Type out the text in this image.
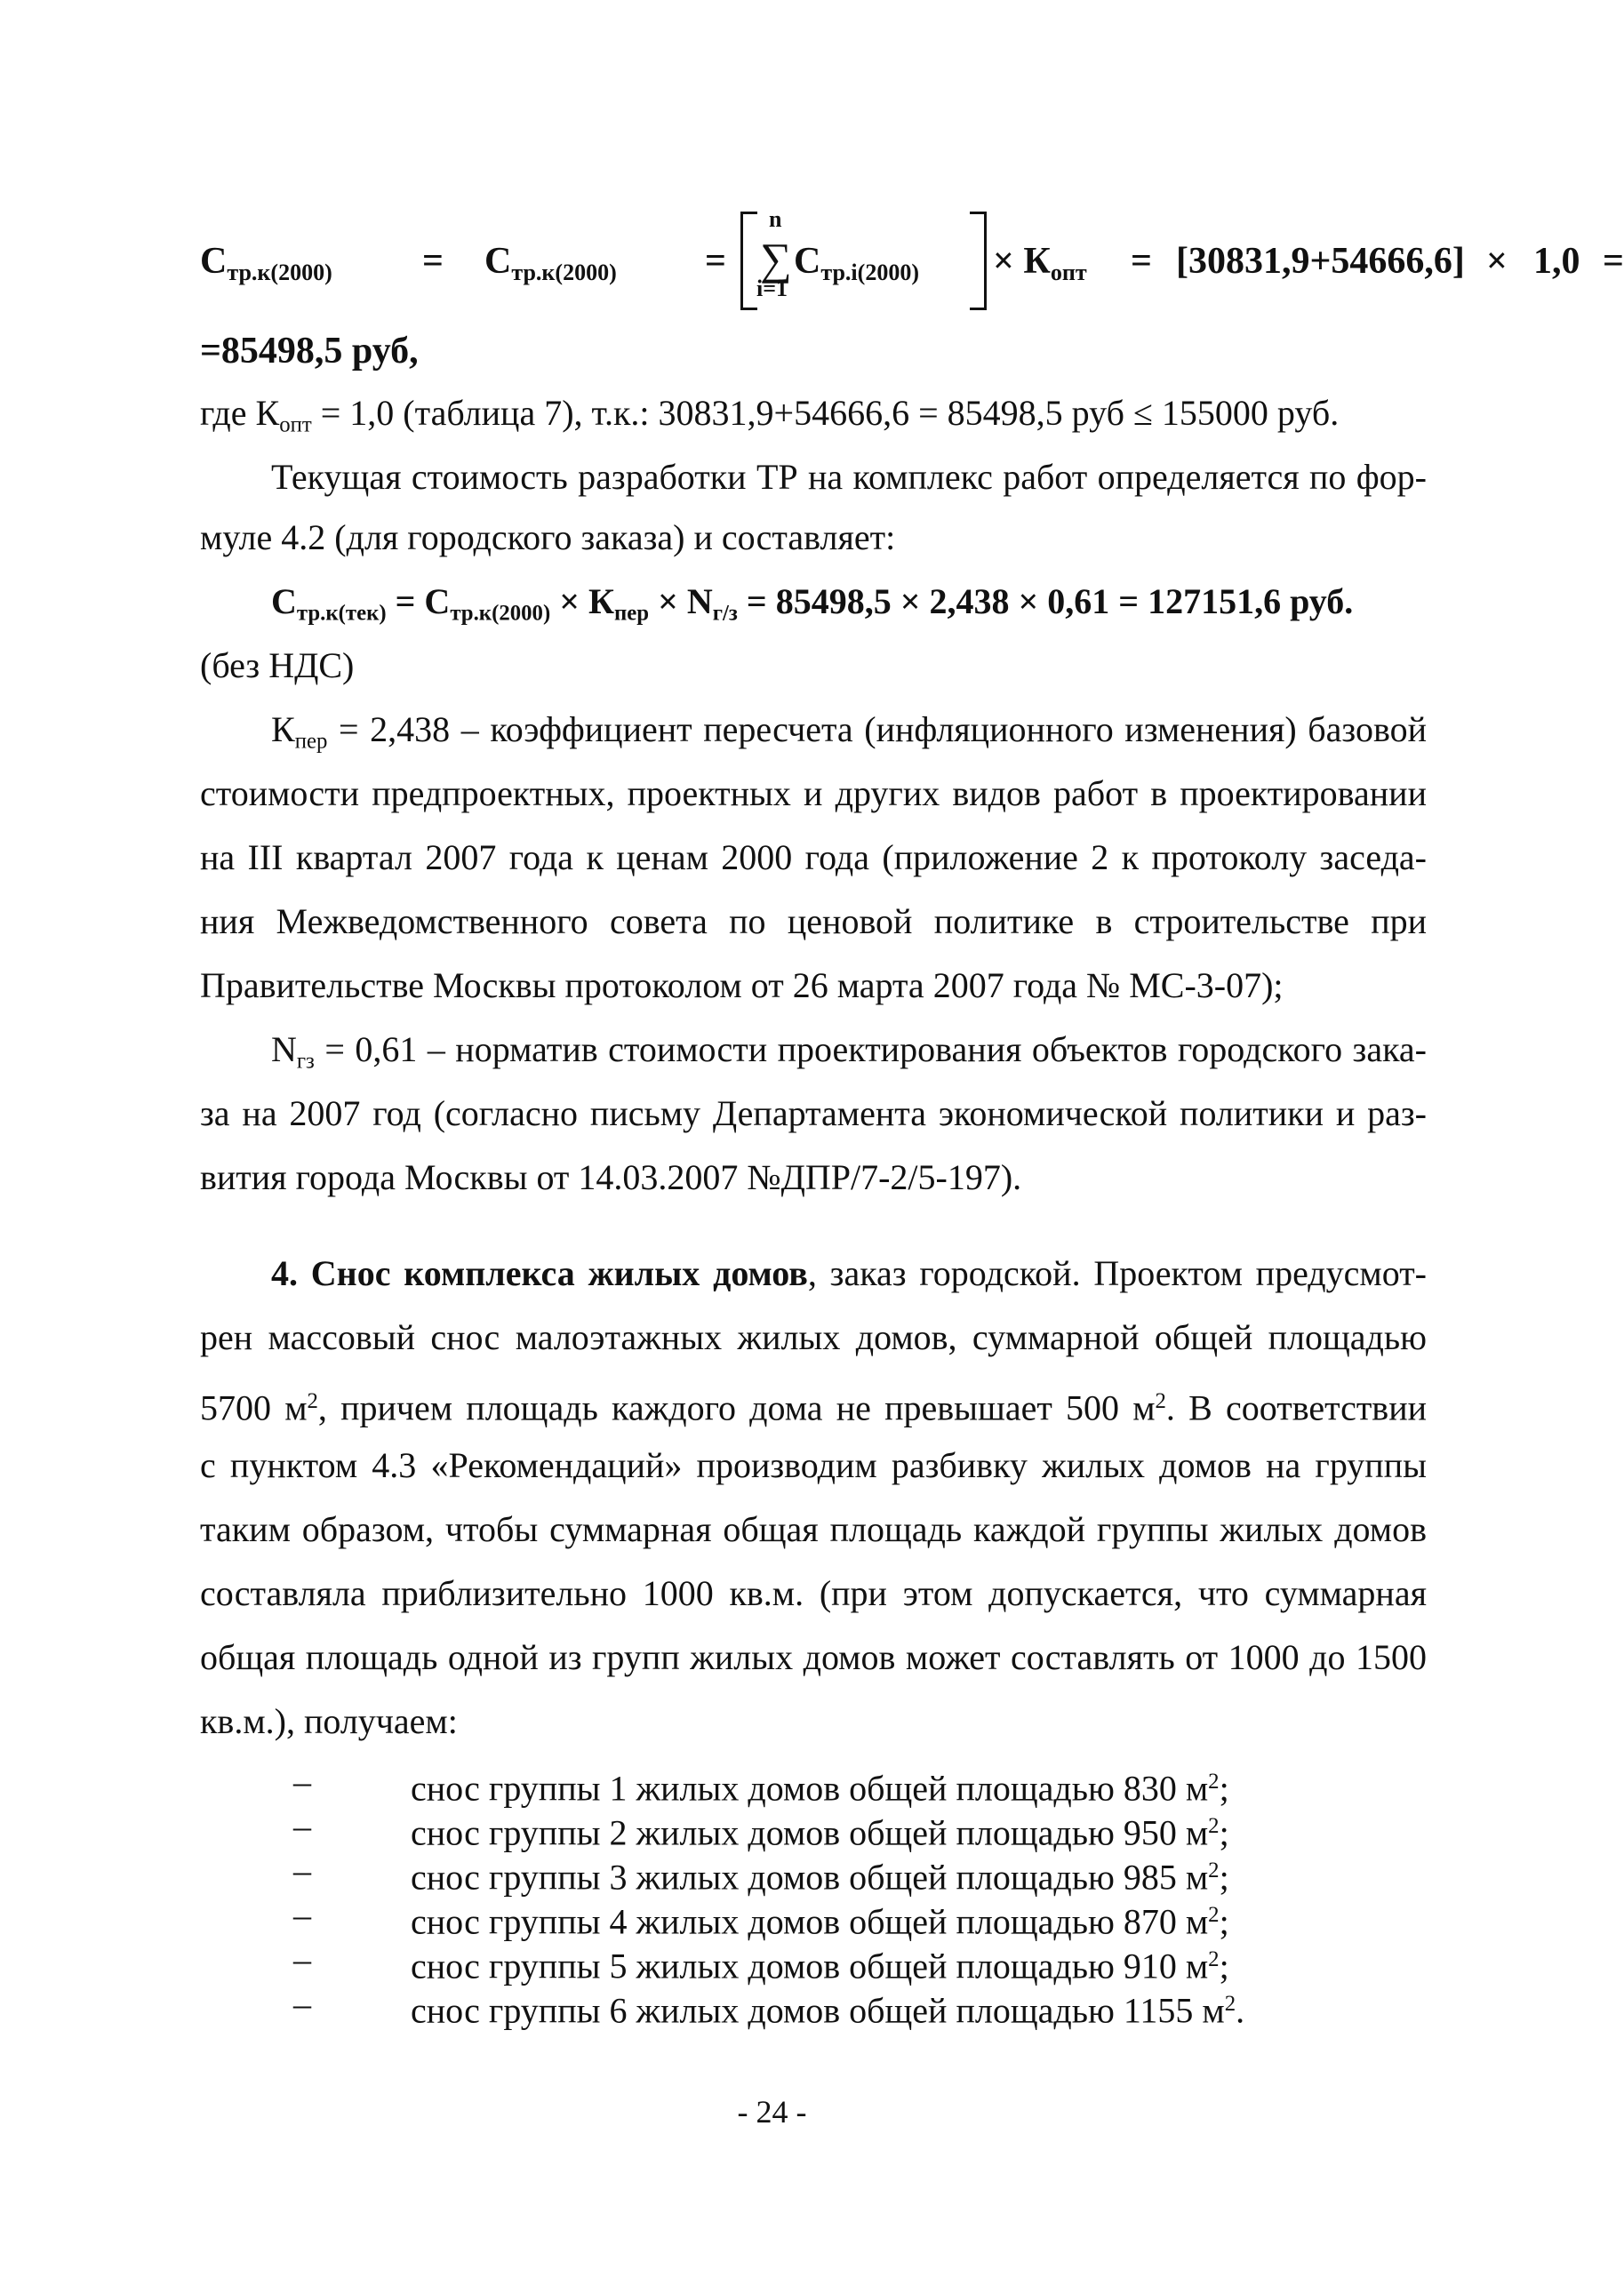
$С_{тр.к(2000)} = С_{тр.к(2000)}$ =
n
∑
i=1
$С_{тр.i(2000)} \times К_{опт} = [30831,9+54666,6] \times 1,0$ =
=85498,5 руб,
где $К_{опт} = 1,0$ (таблица 7), т.к.: 30831,9+54666,6 = 85498,5 руб ≤ 155000 руб.
Текущая стоимость разработки ТР на комплекс работ определяется по фор-
муле 4.2 (для городского заказа) и составляет:
$С_{тр.к(тек)} = С_{тр.к(2000)} \times К_{пер} \times N_{г/з} = 85498,5 \times 2,438 \times 0,61 = 127151,6$ руб.
(без НДС)
$К_{пер} = 2,438$ – коэффициент пересчета (инфляционного изменения) базовой
стоимости предпроектных, проектных и других видов работ в проектировании
на III квартал 2007 года к ценам 2000 года (приложение 2 к протоколу заседа-
ния Межведомственного совета по ценовой политике в строительстве при
Правительстве Москвы протоколом от 26 марта 2007 года № МС-3-07);
$N_{гз} = 0,61$ – норматив стоимости проектирования объектов городского зака-
за на 2007 год (согласно письму Департамента экономической политики и раз-
вития города Москвы от 14.03.2007 №ДПР/7-2/5-197).
4. Снос комплекса жилых домов, заказ городской. Проектом предусмот-
рен массовый снос малоэтажных жилых домов, суммарной общей площадью
5700 $м^2$, причем площадь каждого дома не превышает 500 $м^2$. В соответствии
с пунктом 4.3 «Рекомендаций» производим разбивку жилых домов на группы
таким образом, чтобы суммарная общая площадь каждой группы жилых домов
составляла приблизительно 1000 кв.м. (при этом допускается, что суммарная
общая площадь одной из групп жилых домов может составлять от 1000 до 1500
кв.м.), получаем:
–	снос группы 1 жилых домов общей площадью 830 $м^2$;
–	снос группы 2 жилых домов общей площадью 950 $м^2$;
–	снос группы 3 жилых домов общей площадью 985 $м^2$;
–	снос группы 4 жилых домов общей площадью 870 $м^2$;
–	снос группы 5 жилых домов общей площадью 910 $м^2$;
–	снос группы 6 жилых домов общей площадью 1155 $м^2$.
- 24 -
